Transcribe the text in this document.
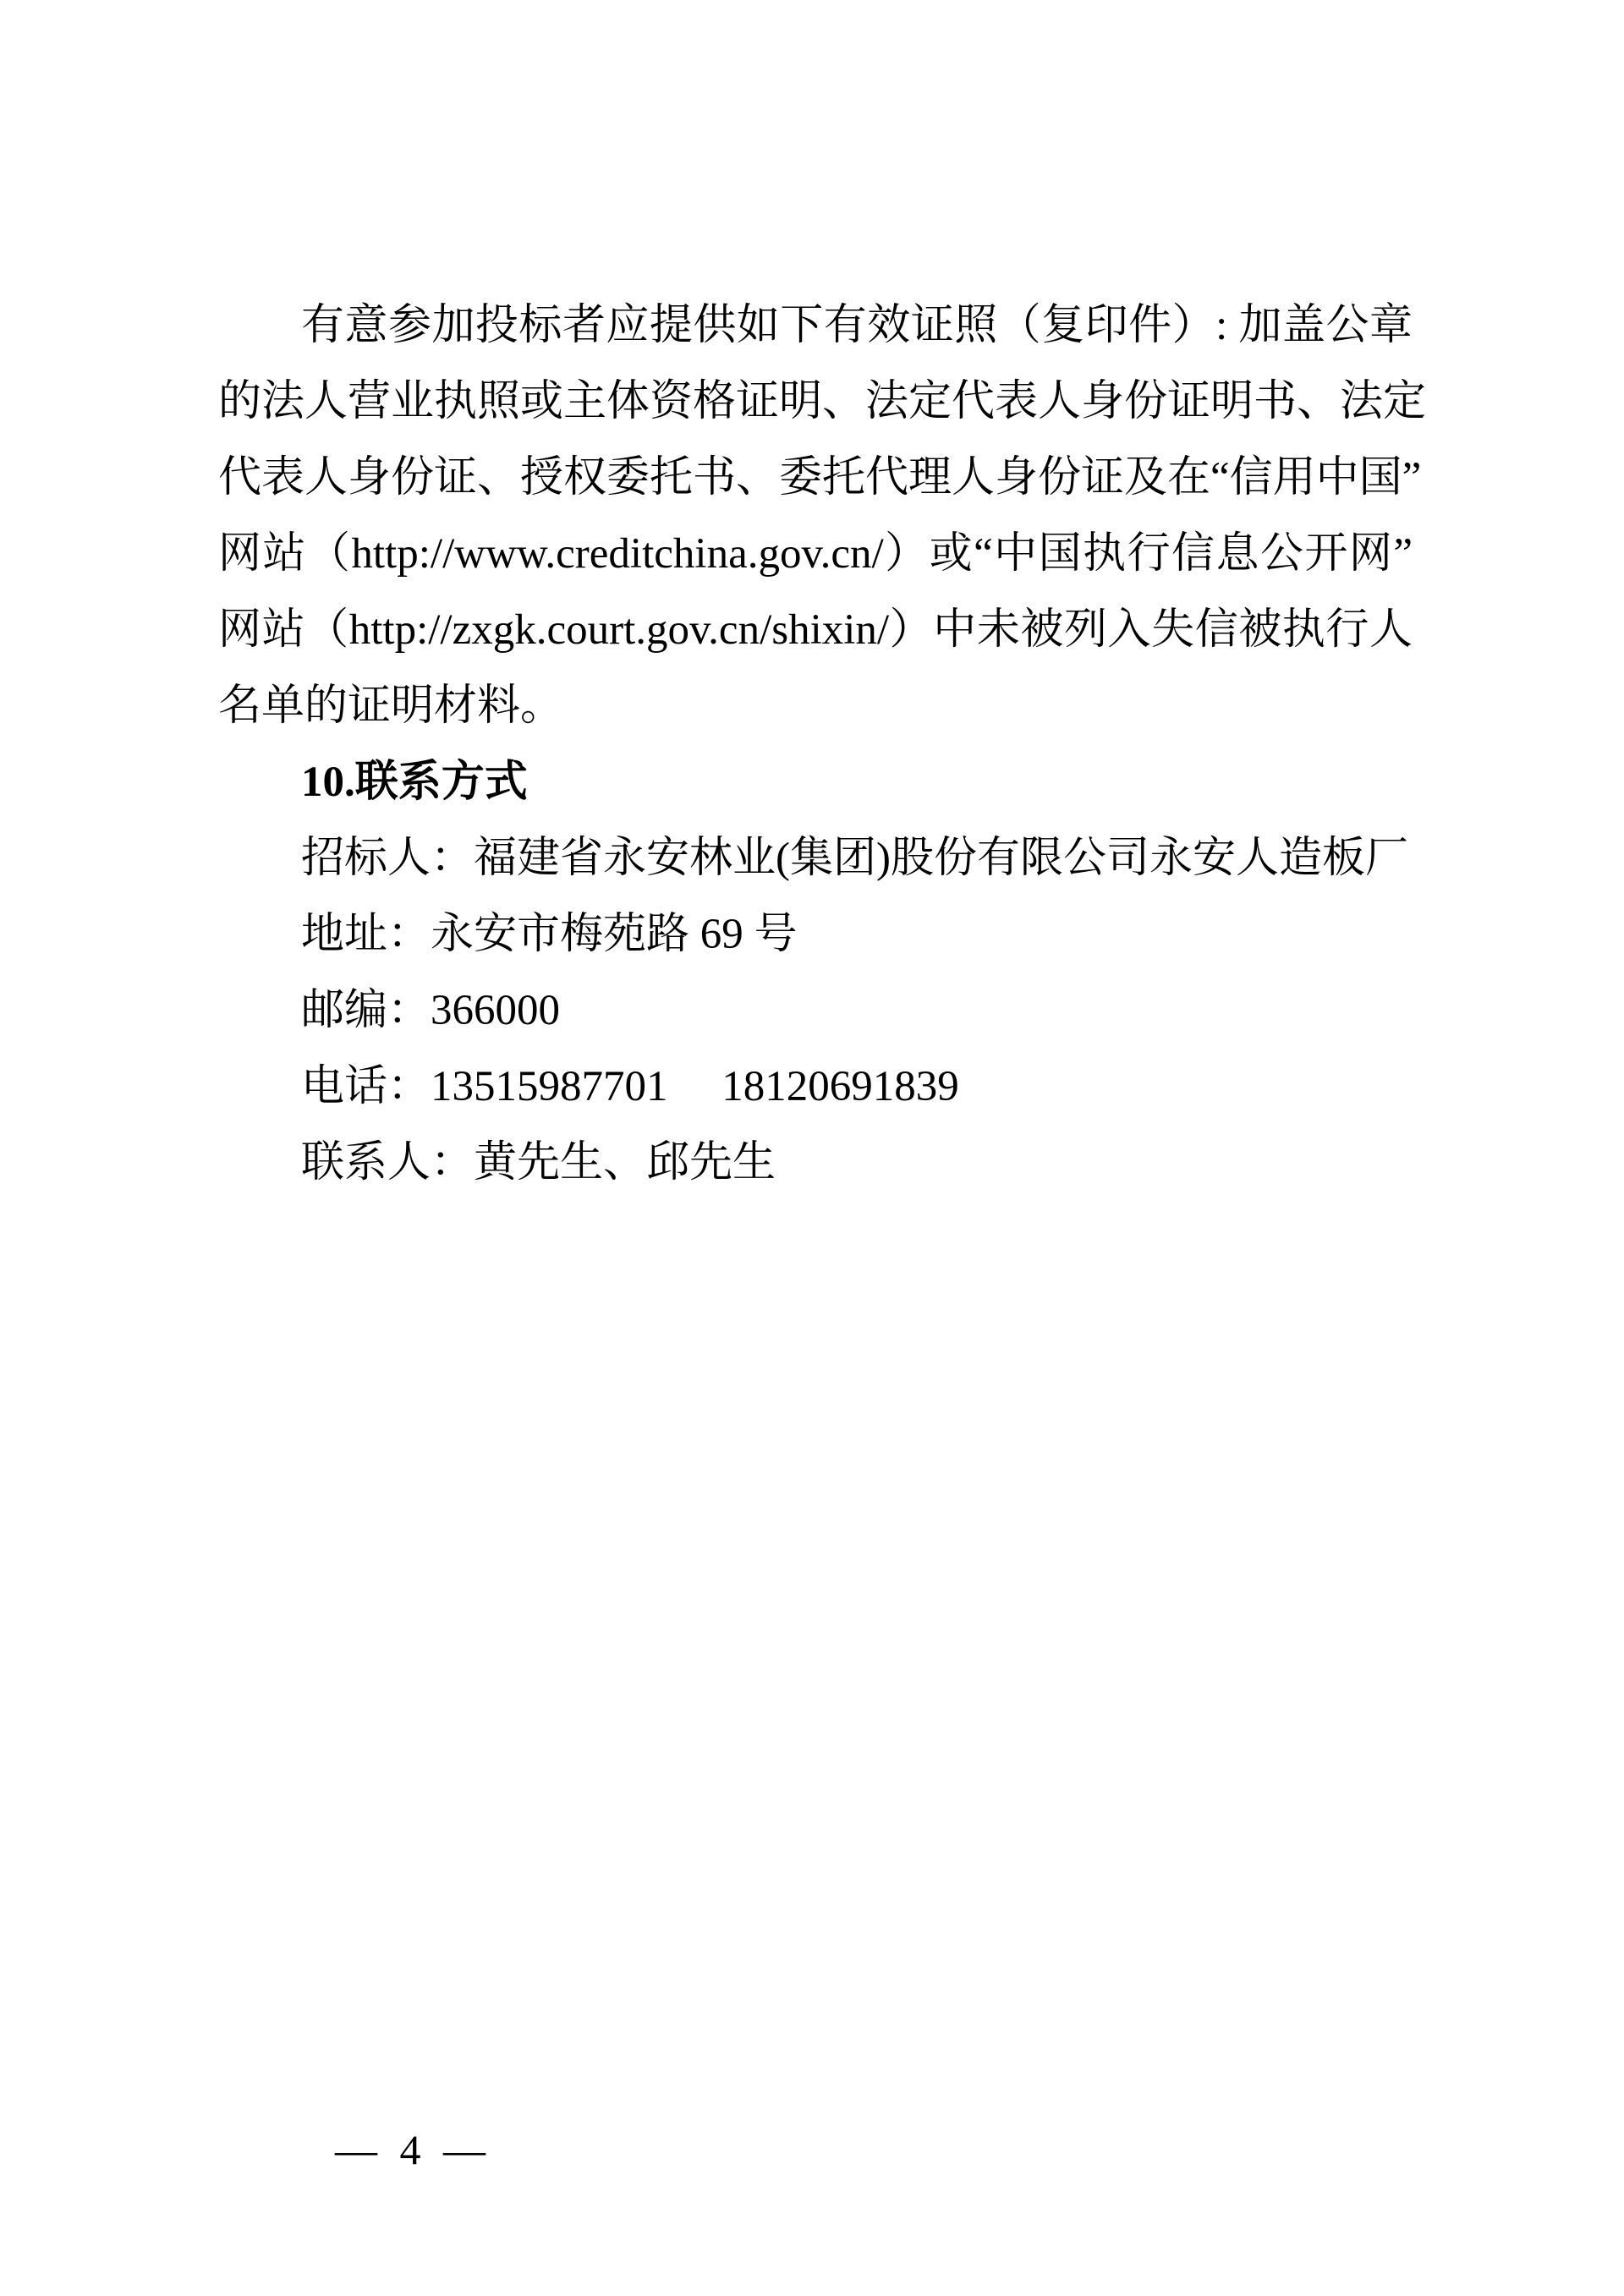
有意参加投标者应提供如下有效证照（复印件）: 加盖公章
的法人营业执照或主体资格证明、法定代表人身份证明书、法定
代表人身份证、授权委托书、委托代理人身份证及在“信用中国”
网站（http://www.creditchina.gov.cn/）或“中国执行信息公开网”
网站（http://zxgk.court.gov.cn/shixin/）中未被列入失信被执行人
名单的证明材料。
10.联系方式
招标人：福建省永安林业(集团)股份有限公司永安人造板厂
地址：永安市梅苑路 69 号
邮编：366000
电话：13515987701     18120691839
联系人：黄先生、邱先生

— 4 —
